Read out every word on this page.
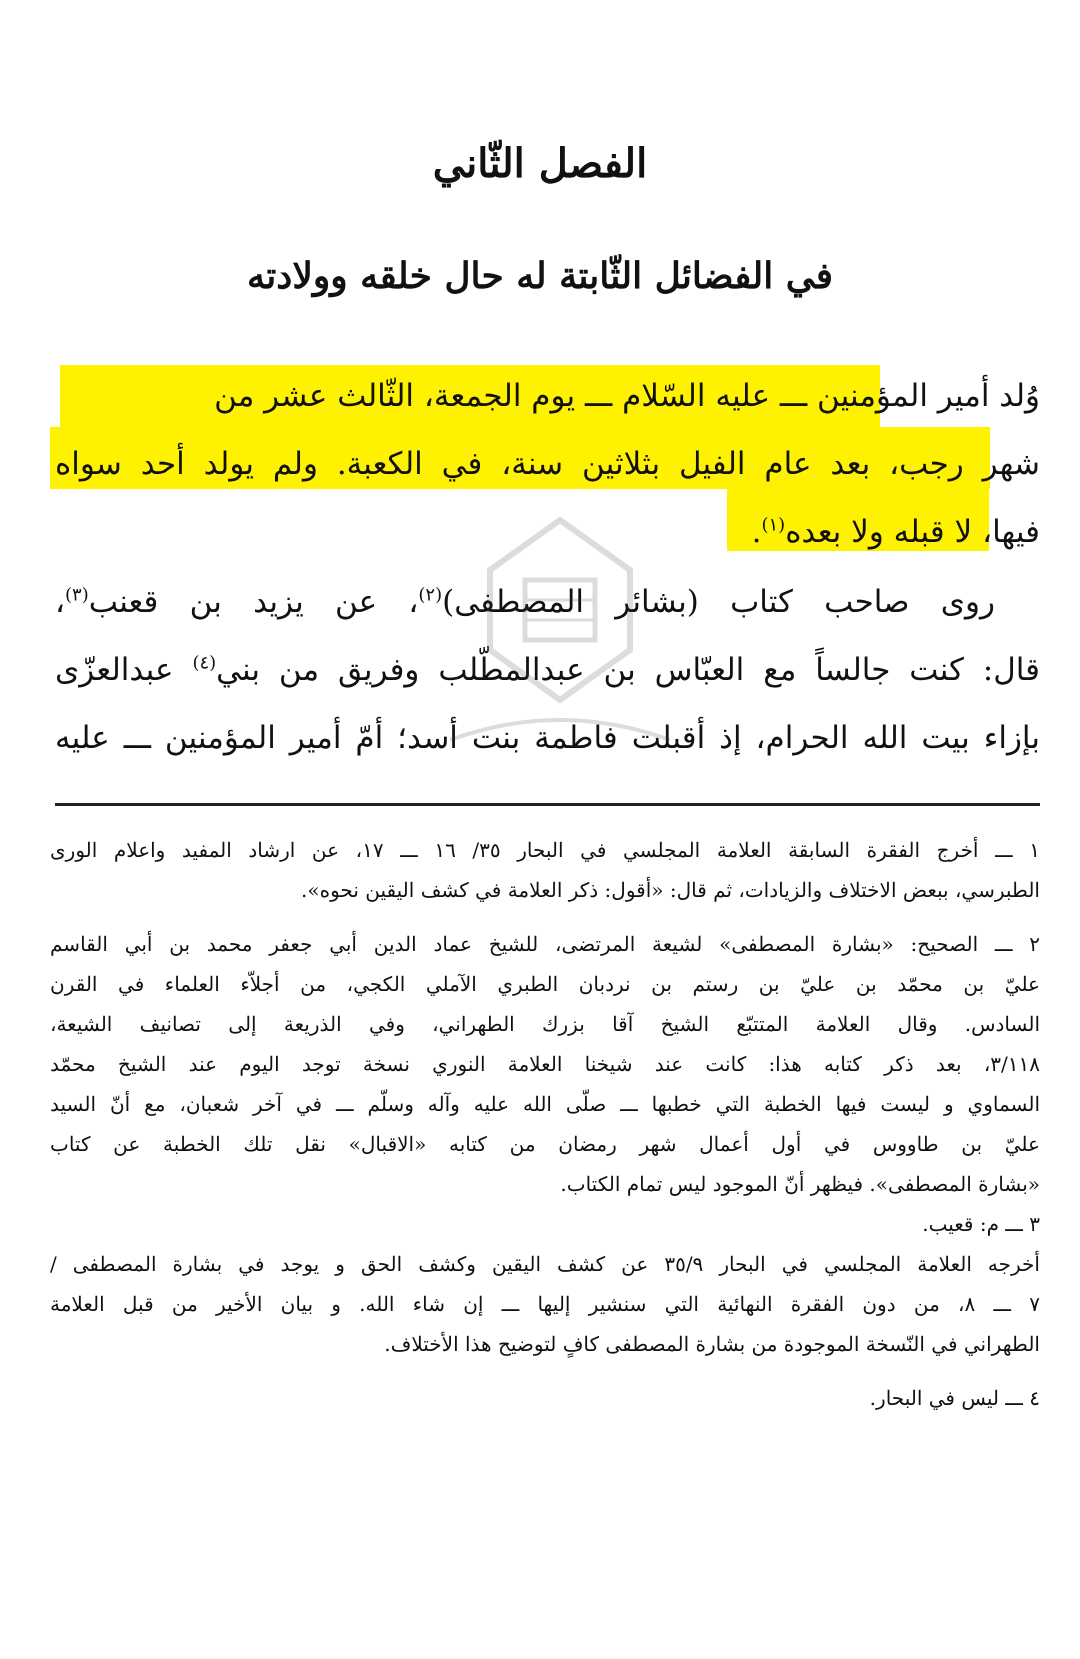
الفصل الثّاني
في الفضائل الثّابتة له حال خلقه وولادته
وُلد أمير المؤمنين ـــ عليه السّلام ـــ يوم الجمعة، الثّالث عشر من
شهر رجب، بعد عام الفيل بثلاثين سنة، في الكعبة. ولم يولد أحد سواه
فيها، لا قبله ولا بعده$^{(١)}$.
روى صاحب كتاب (بشائر المصطفى)$^{(٢)}$، عن يزيد بن قعنب$^{(٣)}$،
قال: كنت جالساً مع العبّاس بن عبدالمطّلب وفريق من بني$^{(٤)}$ عبدالعزّى
بإزاء بيت الله الحرام، إذ أقبلت فاطمة بنت أسد؛ أمّ أمير المؤمنين ـــ عليه
١ ـــ أخرج الفقرة السابقة العلامة المجلسي في البحار ٣٥/ ١٦ ـــ ١٧، عن ارشاد المفيد واعلام الورى
الطبرسي، ببعض الاختلاف والزيادات، ثم قال: «أقول: ذكر العلامة في كشف اليقين نحوه».
٢ ـــ الصحيح: «بشارة المصطفى» لشيعة المرتضى، للشيخ عماد الدين أبي جعفر محمد بن أبي القاسم
عليّ بن محمّد بن عليّ بن رستم بن نردبان الطبري الآملي الكجي، من أجلاّء العلماء في القرن
السادس. وقال العلامة المتتبّع الشيخ آقا بزرك الطهراني، وفي الذريعة إلى تصانيف الشيعة،
٣/١١٨، بعد ذكر كتابه هذا: كانت عند شيخنا العلامة النوري نسخة توجد اليوم عند الشيخ محمّد
السماوي و ليست فيها الخطبة التي خطبها ـــ صلّى الله عليه وآله وسلّم ـــ في آخر شعبان، مع أنّ السيد
عليّ بن طاووس في أول أعمال شهر رمضان من كتابه «الاقبال» نقل تلك الخطبة عن كتاب
«بشارة المصطفى». فيظهر أنّ الموجود ليس تمام الكتاب.
٣ ـــ م: قعيب.
أخرجه العلامة المجلسي في البحار ٣٥/٩ عن كشف اليقين وكشف الحق و يوجد في بشارة المصطفى /
٧ ـــ ٨، من دون الفقرة النهائية التي سنشير إليها ـــ إن شاء الله. و بيان الأخير من قبل العلامة
الطهراني في النّسخة الموجودة من بشارة المصطفى كافٍ لتوضيح هذا الأختلاف.
٤ ـــ ليس في البحار.
